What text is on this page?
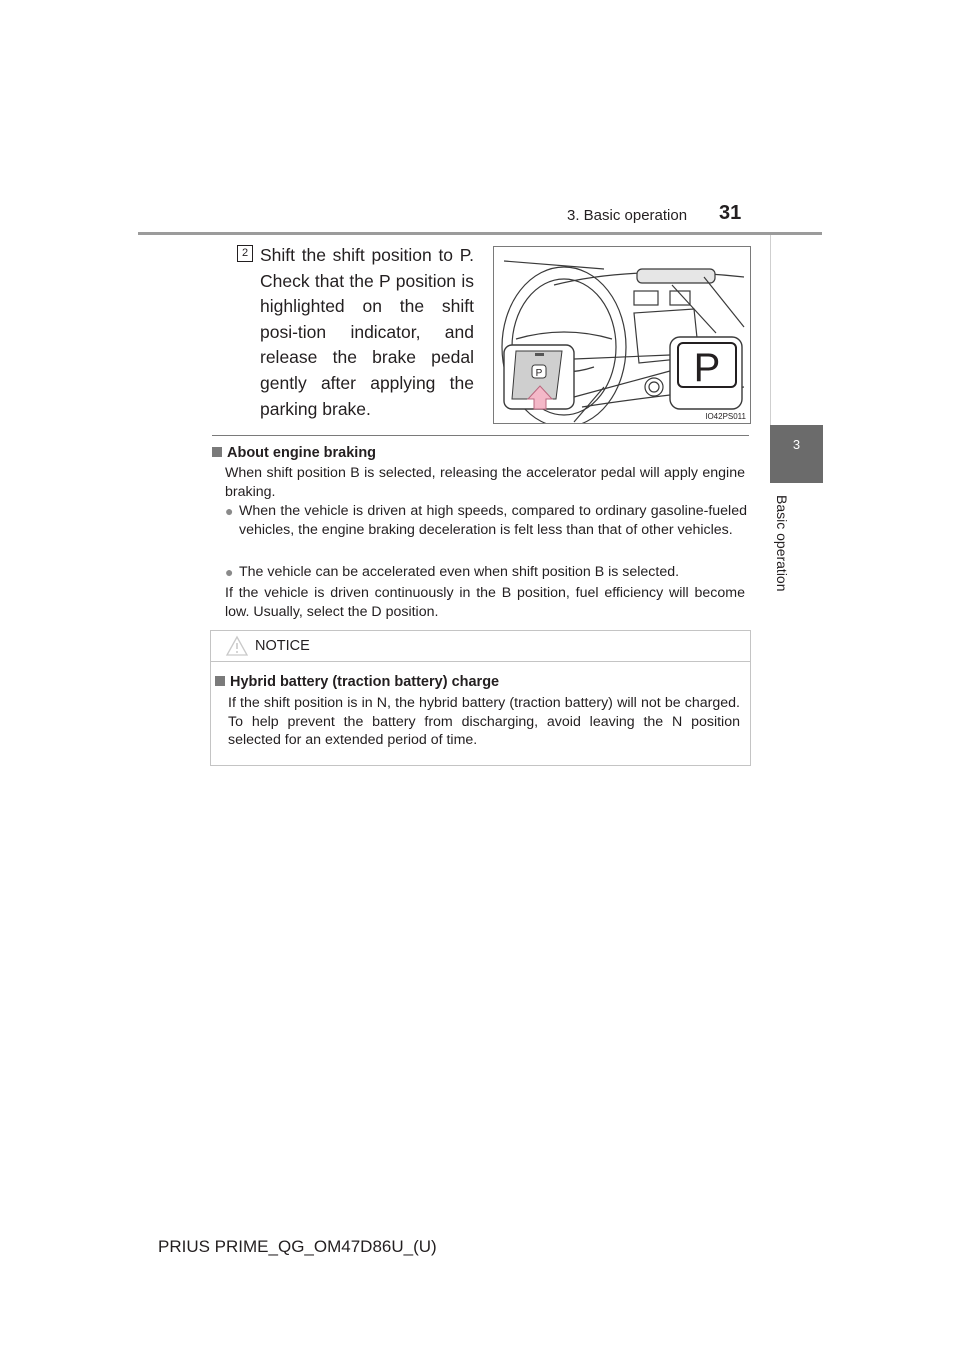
3. Basic operation 31
3
Basic operation
2 Shift the shift position to P. Check that the P position is highlighted on the shift posi-tion indicator, and release the brake pedal gently after applying the parking brake.
P	P
IO42PS011
About engine braking
When shift position B is selected, releasing the accelerator pedal will apply engine braking.
● When the vehicle is driven at high speeds, compared to ordinary gasoline-fueled vehicles, the engine braking deceleration is felt less than that of other vehicles.
● The vehicle can be accelerated even when shift position B is selected.
If the vehicle is driven continuously in the B position, fuel efficiency will become low. Usually, select the D position.
NOTICE
Hybrid battery (traction battery) charge
If the shift position is in N, the hybrid battery (traction battery) will not be charged. To help prevent the battery from discharging, avoid leaving the N position selected for an extended period of time.
PRIUS PRIME_QG_OM47D86U_(U)
